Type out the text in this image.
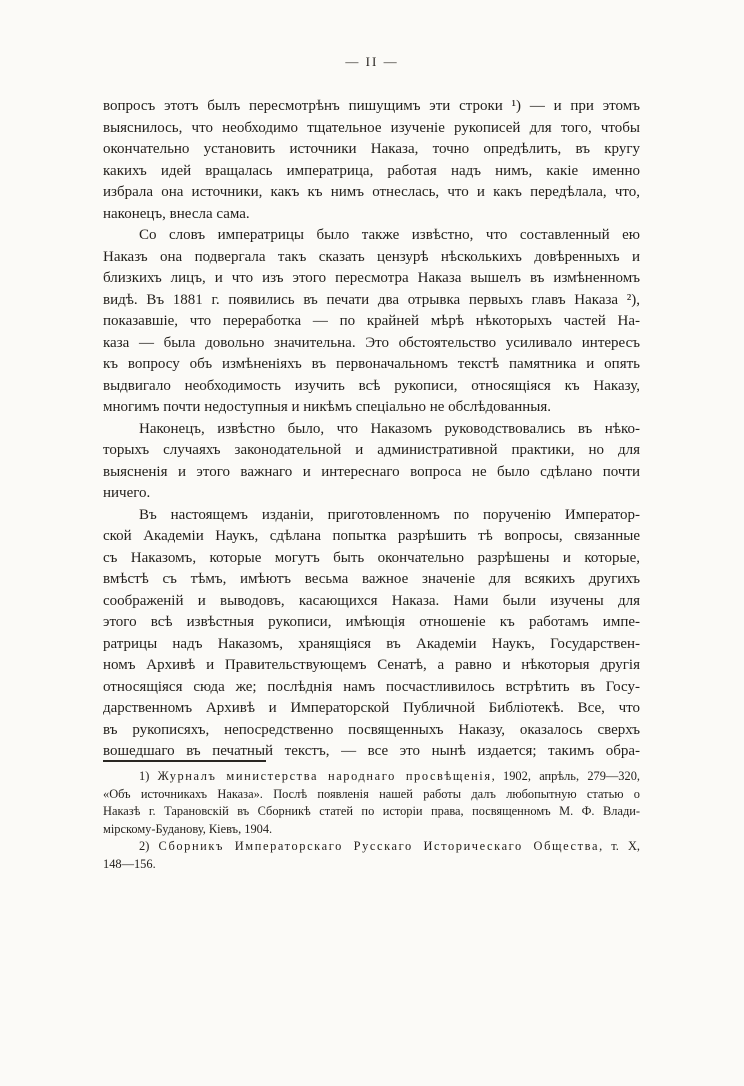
— II —
вопросъ этотъ былъ пересмотрѣнъ пишущимъ эти строки ¹) — и при этомъ
выяснилось, что необходимо тщательное изученіе рукописей для того, чтобы
окончательно установить источники Наказа, точно опредѣлить, въ кругу
какихъ идей вращалась императрица, работая надъ нимъ, какіе именно
избрала она источники, какъ къ нимъ отнеслась, что и какъ передѣлала, что,
наконецъ, внесла сама.
Со словъ императрицы было также извѣстно, что составленный ею
Наказъ она подвергала такъ сказать цензурѣ нѣсколькихъ довѣренныхъ и
близкихъ лицъ, и что изъ этого пересмотра Наказа вышелъ въ измѣненномъ
видѣ. Въ 1881 г. появились въ печати два отрывка первыхъ главъ Наказа ²),
показавшіе, что переработка — по крайней мѣрѣ нѣкоторыхъ частей На-
каза — была довольно значительна. Это обстоятельство усиливало интересъ
къ вопросу объ измѣненіяхъ въ первоначальномъ текстѣ памятника и опять
выдвигало необходимость изучить всѣ рукописи, относящіяся къ Наказу,
многимъ почти недоступныя и никѣмъ спеціально не обслѣдованныя.
Наконецъ, извѣстно было, что Наказомъ руководствовались въ нѣко-
торыхъ случаяхъ законодательной и административной практики, но для
выясненія и этого важнаго и интереснаго вопроса не было сдѣлано почти
ничего.
Въ настоящемъ изданіи, приготовленномъ по порученію Император-
ской Академіи Наукъ, сдѣлана попытка разрѣшить тѣ вопросы, связанные
съ Наказомъ, которые могутъ быть окончательно разрѣшены и которые,
вмѣстѣ съ тѣмъ, имѣютъ весьма важное значеніе для всякихъ другихъ
соображеній и выводовъ, касающихся Наказа. Нами были изучены для
этого всѣ извѣстныя рукописи, имѣющія отношеніе къ работамъ импе-
ратрицы надъ Наказомъ, хранящіяся въ Академіи Наукъ, Государствен-
номъ Архивѣ и Правительствующемъ Сенатѣ, а равно и нѣкоторыя другія
относящіяся сюда же; послѣднія намъ посчастливилось встрѣтить въ Госу-
дарственномъ Архивѣ и Императорской Публичной Библіотекѣ. Все, что
въ рукописяхъ, непосредственно посвященныхъ Наказу, оказалось сверхъ
вошедшаго въ печатный текстъ, — все это нынѣ издается; такимъ обра-
1) Журналъ министерства народнаго просвѣщенія, 1902, апрѣль, 279—320,
«Объ источникахъ Наказа». Послѣ появленія нашей работы далъ любопытную статью о
Наказѣ г. Тарановскій въ Сборникѣ статей по исторіи права, посвященномъ М. Ф. Влади-
мірскому-Буданову, Кіевъ, 1904.
2) Сборникъ Императорскаго Русскаго Историческаго Общества, т. X,
148—156.
